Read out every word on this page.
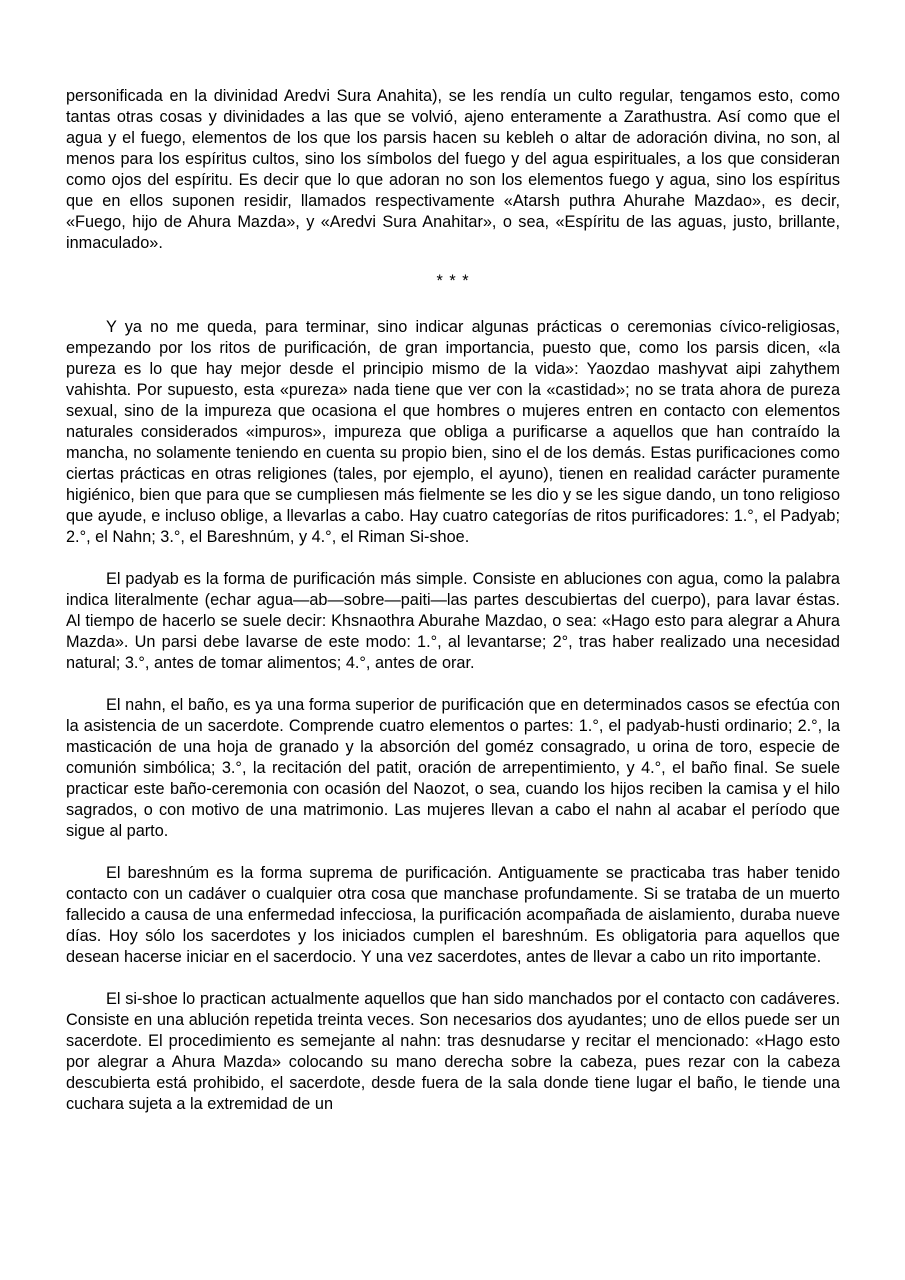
personificada en la divinidad Aredvi Sura Anahita), se les rendía un culto regular, tengamos esto, como tantas otras cosas y divinidades a las que se volvió, ajeno enteramente a Zarathustra. Así como que el agua y el fuego, elementos de los que los parsis hacen su kebleh o altar de adoración divina, no son, al menos para los espíritus cultos, sino los símbolos del fuego y del agua espirituales, a los que consideran como ojos del espíritu. Es decir que lo que adoran no son los elementos fuego y agua, sino los espíritus que en ellos suponen residir, llamados respectivamente «Atarsh puthra Ahurahe Mazdao», es decir, «Fuego, hijo de Ahura Mazda», y «Aredvi Sura Anahitar», o sea, «Espíritu de las aguas, justo, brillante, inmaculado».

* * *

Y ya no me queda, para terminar, sino indicar algunas prácticas o ceremonias cívico-religiosas, empezando por los ritos de purificación, de gran importancia, puesto que, como los parsis dicen, «la pureza es lo que hay mejor desde el principio mismo de la vida»: Yaozdao mashyvat aipi zahythem vahishta. Por supuesto, esta «pureza» nada tiene que ver con la «castidad»; no se trata ahora de pureza sexual, sino de la impureza que ocasiona el que hombres o mujeres entren en contacto con elementos naturales considerados «impuros», impureza que obliga a purificarse a aquellos que han contraído la mancha, no solamente teniendo en cuenta su propio bien, sino el de los demás. Estas purificaciones como ciertas prácticas en otras religiones (tales, por ejemplo, el ayuno), tienen en realidad carácter puramente higiénico, bien que para que se cumpliesen más fielmente se les dio y se les sigue dando, un tono religioso que ayude, e incluso oblige, a llevarlas a cabo. Hay cuatro categorías de ritos purificadores: 1.°, el Padyab; 2.°, el Nahn; 3.°, el Bareshnúm, y 4.°, el Riman Si-shoe.

El padyab es la forma de purificación más simple. Consiste en abluciones con agua, como la palabra indica literalmente (echar agua—ab—sobre—paiti—las partes descubiertas del cuerpo), para lavar éstas. Al tiempo de hacerlo se suele decir: Khsnaothra Aburahe Mazdao, o sea: «Hago esto para alegrar a Ahura Mazda». Un parsi debe lavarse de este modo: 1.°, al levantarse; 2°, tras haber realizado una necesidad natural; 3.°, antes de tomar alimentos; 4.°, antes de orar.

El nahn, el baño, es ya una forma superior de purificación que en determinados casos se efectúa con la asistencia de un sacerdote. Comprende cuatro elementos o partes: 1.°, el padyab-husti ordinario; 2.°, la masticación de una hoja de granado y la absorción del goméz consagrado, u orina de toro, especie de comunión simbólica; 3.°, la recitación del patit, oración de arrepentimiento, y 4.°, el baño final. Se suele practicar este baño-ceremonia con ocasión del Naozot, o sea, cuando los hijos reciben la camisa y el hilo sagrados, o con motivo de una matrimonio. Las mujeres llevan a cabo el nahn al acabar el período que sigue al parto.

El bareshnúm es la forma suprema de purificación. Antiguamente se practicaba tras haber tenido contacto con un cadáver o cualquier otra cosa que manchase profundamente. Si se trataba de un muerto fallecido a causa de una enfermedad infecciosa, la purificación acompañada de aislamiento, duraba nueve días. Hoy sólo los sacerdotes y los iniciados cumplen el bareshnúm. Es obligatoria para aquellos que desean hacerse iniciar en el sacerdocio. Y una vez sacerdotes, antes de llevar a cabo un rito importante.

El si-shoe lo practican actualmente aquellos que han sido manchados por el contacto con cadáveres. Consiste en una ablución repetida treinta veces. Son necesarios dos ayudantes; uno de ellos puede ser un sacerdote. El procedimiento es semejante al nahn: tras desnudarse y recitar el mencionado: «Hago esto por alegrar a Ahura Mazda» colocando su mano derecha sobre la cabeza, pues rezar con la cabeza descubierta está prohibido, el sacerdote, desde fuera de la sala donde tiene lugar el baño, le tiende una cuchara sujeta a la extremidad de un
